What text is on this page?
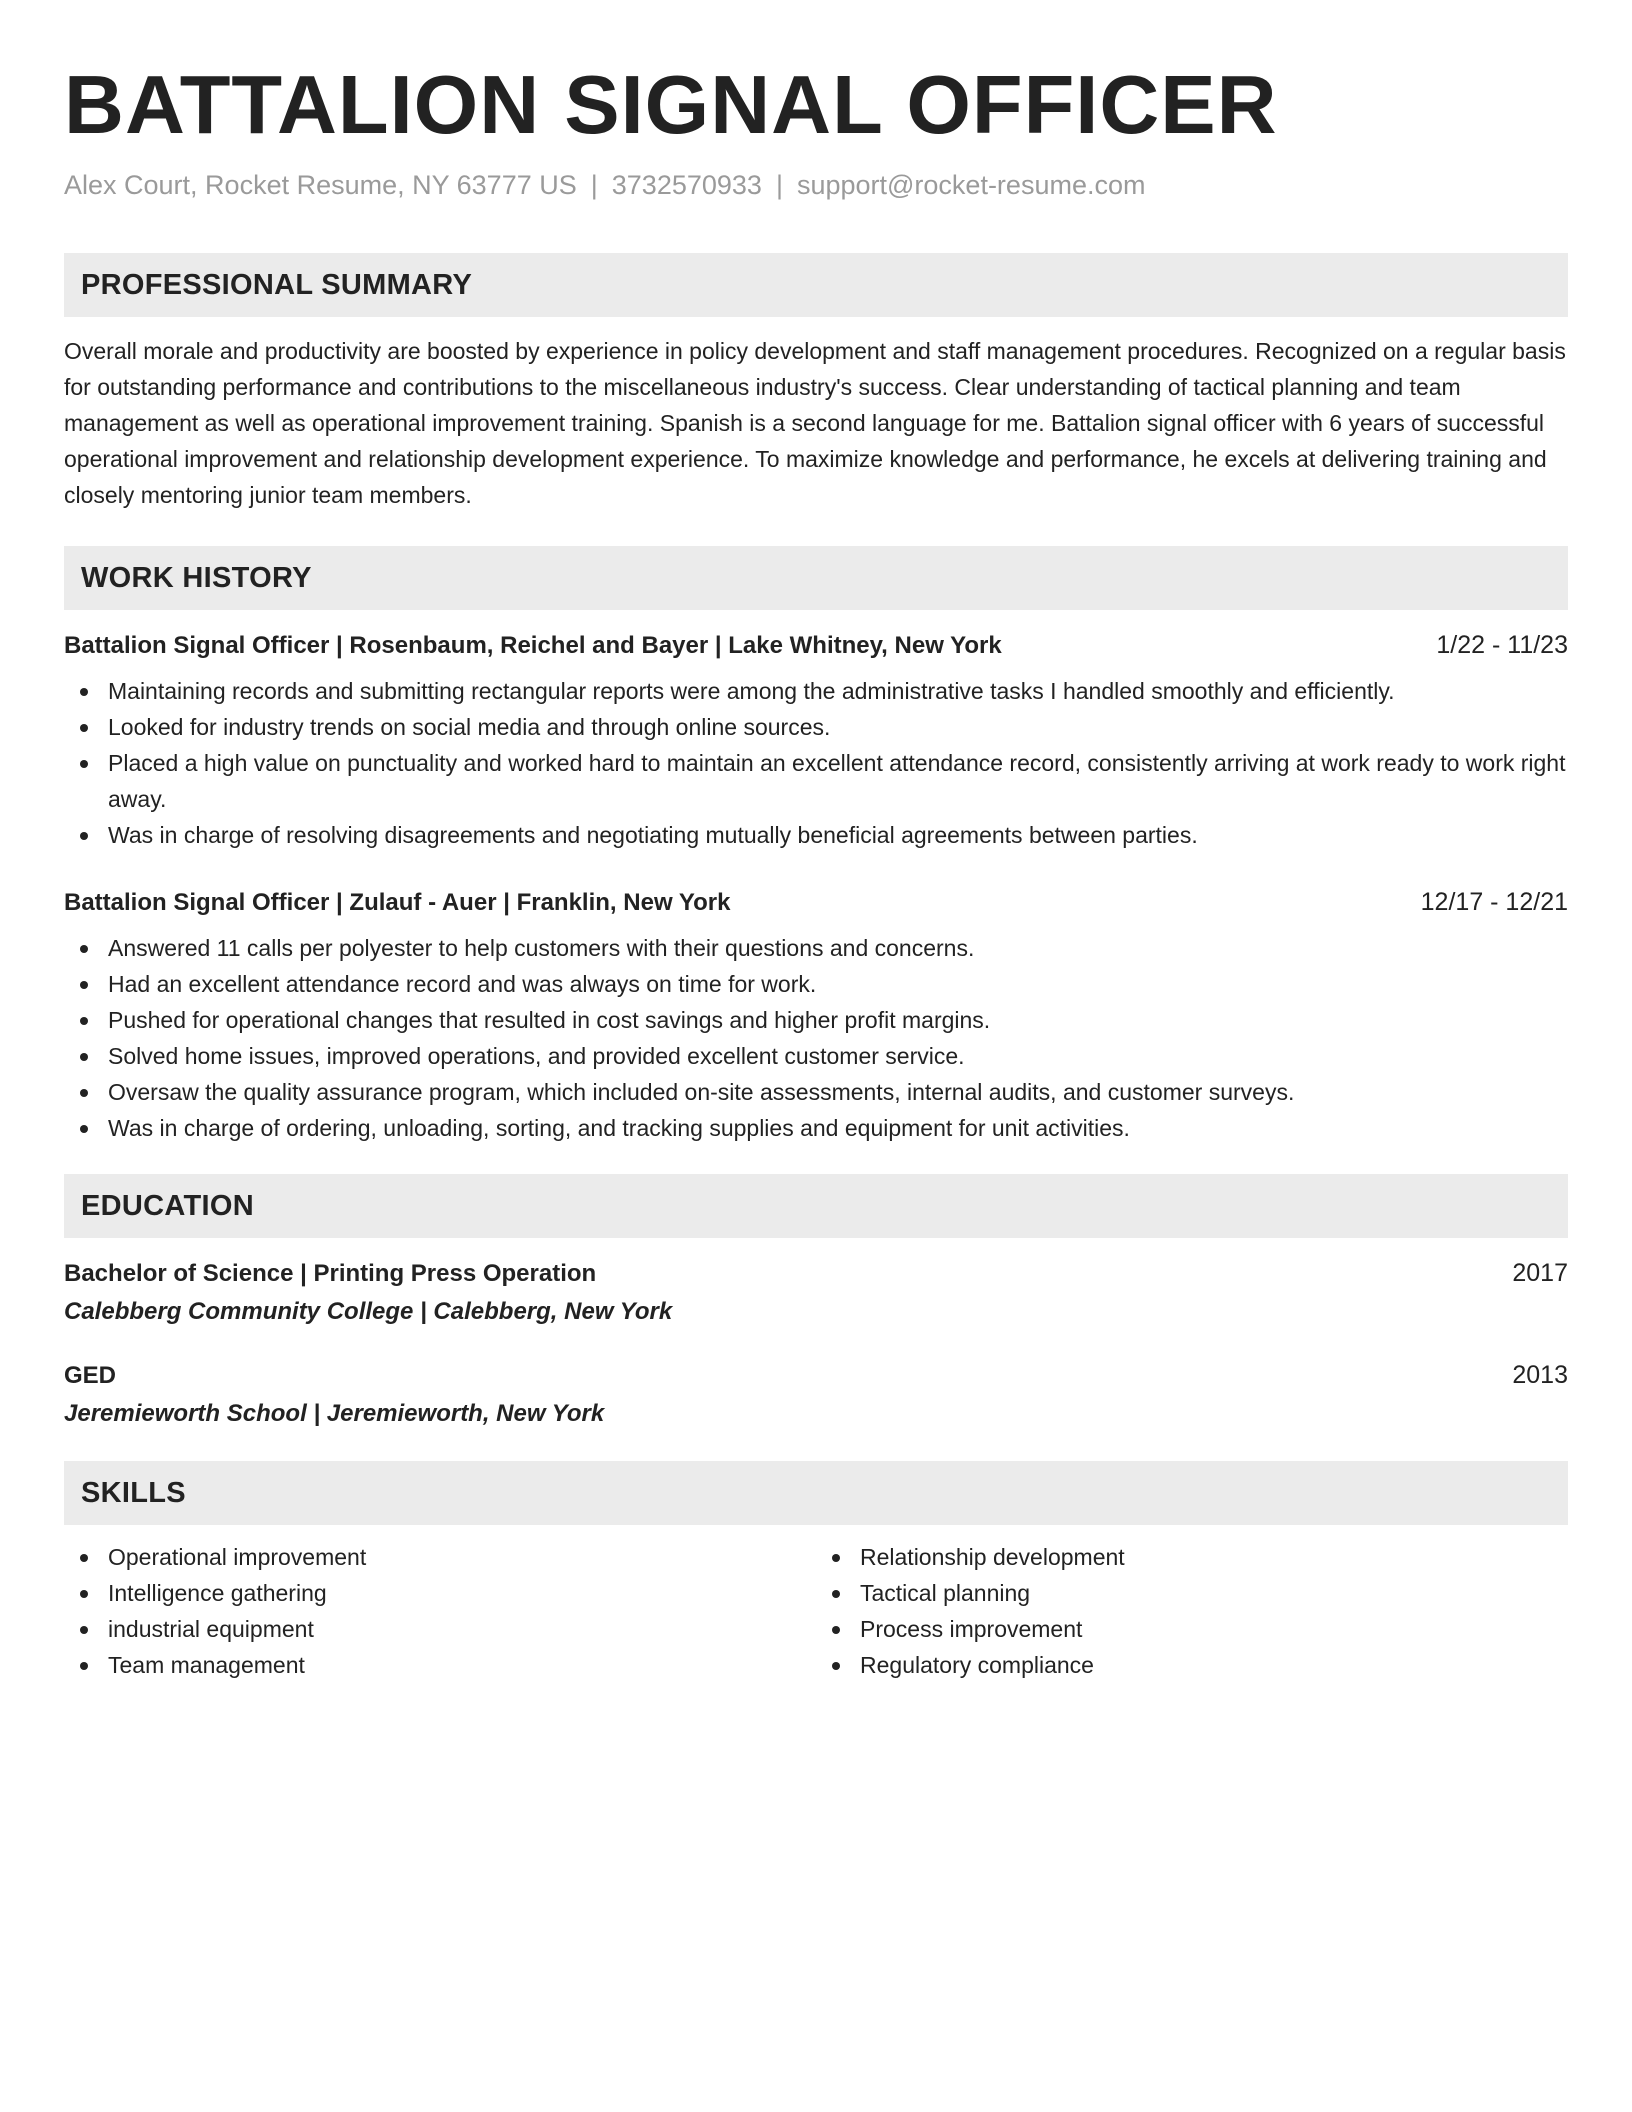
BATTALION SIGNAL OFFICER
Alex Court, Rocket Resume, NY 63777 US | 3732570933 | support@rocket-resume.com
PROFESSIONAL SUMMARY

Overall morale and productivity are boosted by experience in policy development and staff management procedures. Recognized on a regular basis for outstanding performance and contributions to the miscellaneous industry's success. Clear understanding of tactical planning and team management as well as operational improvement training. Spanish is a second language for me. Battalion signal officer with 6 years of successful operational improvement and relationship development experience. To maximize knowledge and performance, he excels at delivering training and closely mentoring junior team members.

WORK HISTORY
Battalion Signal Officer | Rosenbaum, Reichel and Bayer | Lake Whitney, New York	1/22 - 11/23
Maintaining records and submitting rectangular reports were among the administrative tasks I handled smoothly and efficiently.
Looked for industry trends on social media and through online sources.
Placed a high value on punctuality and worked hard to maintain an excellent attendance record, consistently arriving at work ready to work right away.
Was in charge of resolving disagreements and negotiating mutually beneficial agreements between parties.
Battalion Signal Officer | Zulauf - Auer | Franklin, New York	12/17 - 12/21
Answered 11 calls per polyester to help customers with their questions and concerns.
Had an excellent attendance record and was always on time for work.
Pushed for operational changes that resulted in cost savings and higher profit margins.
Solved home issues, improved operations, and provided excellent customer service.
Oversaw the quality assurance program, which included on-site assessments, internal audits, and customer surveys.
Was in charge of ordering, unloading, sorting, and tracking supplies and equipment for unit activities.
EDUCATION
Bachelor of Science | Printing Press Operation	2017
Calebberg Community College | Calebberg, New York
GED	2013
Jeremieworth School | Jeremieworth, New York
SKILLS
Operational improvement
Intelligence gathering
industrial equipment
Team management
Relationship development
Tactical planning
Process improvement
Regulatory compliance
